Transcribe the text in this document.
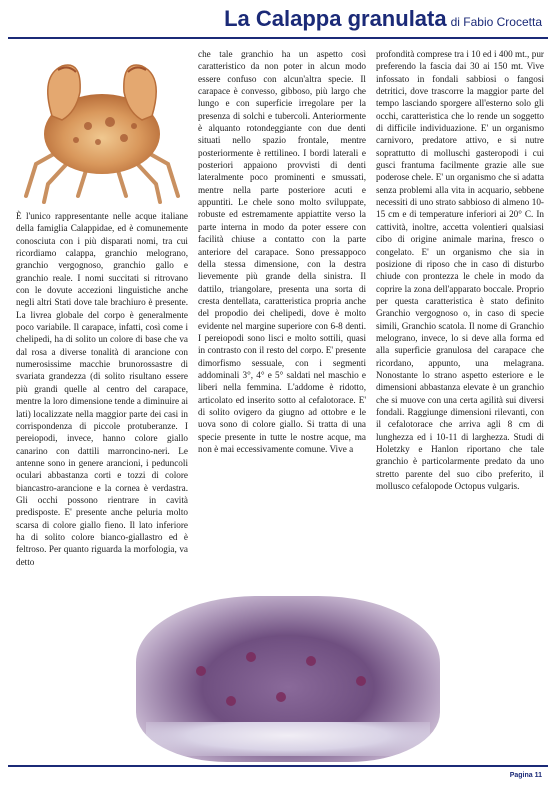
La Calappa granulata di Fabio Crocetta

È l'unico rappresentante nelle acque italiane della famiglia Calappidae, ed è comunemente conosciuta con i più disparati nomi, tra cui ricordiamo calappa, granchio melograno, granchio vergognoso, granchio gallo e granchio reale. I nomi succitati si ritrovano con le dovute accezioni linguistiche anche negli altri Stati dove tale brachiuro è presente. La livrea globale del corpo è generalmente poco variabile. Il carapace, infatti, così come i chelipedi, ha di solito un colore di base che va dal rosa a diverse tonalità di arancione con numerosissime macchie brunorossastre di svariata grandezza (di solito risultano essere più grandi quelle al centro del carapace, mentre la loro dimensione tende a diminuire ai lati) localizzate nella maggior parte dei casi in corrispondenza di piccole protuberanze. I pereiopodi, invece, hanno colore giallo canarino con dattili marroncino-neri. Le antenne sono in genere arancioni, i peduncoli oculari abbastanza corti e tozzi di colore biancastro-arancione e la cornea è verdastra. Gli occhi possono rientrare in cavità predisposte. E' presente anche peluria molto scarsa di colore giallo fieno. Il lato inferiore ha di solito colore bianco-giallastro ed è feltroso. Per quanto riguarda la morfologia, va detto

che tale granchio ha un aspetto così caratteristico da non poter in alcun modo essere confuso con alcun'altra specie. Il carapace è convesso, gibboso, più largo che lungo e con superficie irregolare per la presenza di solchi e tubercoli. Anteriormente è alquanto rotondeggiante con due denti situati nello spazio frontale, mentre posteriormente è rettilineo. I bordi laterali e posteriori appaiono provvisti di denti lateralmente poco prominenti e smussati, mentre nella parte posteriore acuti e appuntiti. Le chele sono molto sviluppate, robuste ed estremamente appiattite verso la parte interna in modo da poter essere con facilità chiuse a contatto con la parte anteriore del carapace. Sono pressappoco della stessa dimensione, con la destra lievemente più grande della sinistra. Il dattilo, triangolare, presenta una sorta di cresta dentellata, caratteristica propria anche del propodio dei chelipedi, dove è molto evidente nel margine superiore con 6-8 denti. I pereiopodi sono lisci e molto sottili, quasi in contrasto con il resto del corpo. E' presente dimorfismo sessuale, con i segmenti addominali 3°, 4° e 5° saldati nel maschio e liberi nella femmina. L'addome è ridotto, articolato ed inserito sotto al cefalotorace. E' di solito ovigero da giugno ad ottobre e le uova sono di colore giallo. Si tratta di una specie presente in tutte le nostre acque, ma non è mai eccessivamente comune. Vive a

profondità comprese tra i 10 ed i 400 mt., pur preferendo la fascia dai 30 ai 150 mt. Vive infossato in fondali sabbiosi o fangosi detritici, dove trascorre la maggior parte del tempo lasciando sporgere all'esterno solo gli occhi, caratteristica che lo rende un soggetto di difficile individuazione. E' un organismo carnivoro, predatore attivo, e si nutre soprattutto di molluschi gasteropodi i cui gusci frantuma facilmente grazie alle sue poderose chele. E' un organismo che si adatta senza problemi alla vita in acquario, sebbene necessiti di uno strato sabbioso di almeno 10-15 cm e di temperature inferiori ai 20° C. In cattività, inoltre, accetta volentieri qualsiasi cibo di origine animale marina, fresco o congelato. E' un organismo che sia in posizione di riposo che in caso di disturbo chiude con prontezza le chele in modo da coprire la zona dell'apparato boccale. Proprio per questa caratteristica è stato definito Granchio vergognoso o, in caso di specie simili, Granchio scatola. Il nome di Granchio melograno, invece, lo si deve alla forma ed alla superficie granulosa del carapace che ricordano, appunto, una melagrana. Nonostante lo strano aspetto esteriore e le dimensioni abbastanza elevate è un granchio che si muove con una certa agilità sui diversi fondali. Raggiunge dimensioni rilevanti, con il cefalotorace che arriva agli 8 cm di lunghezza ed i 10-11 di larghezza. Studi di Holetzky e Hanlon riportano che tale granchio è particolarmente predato da uno stretto parente del suo cibo preferito, il mollusco cefalopode Octopus vulgaris.

Pagina 11
